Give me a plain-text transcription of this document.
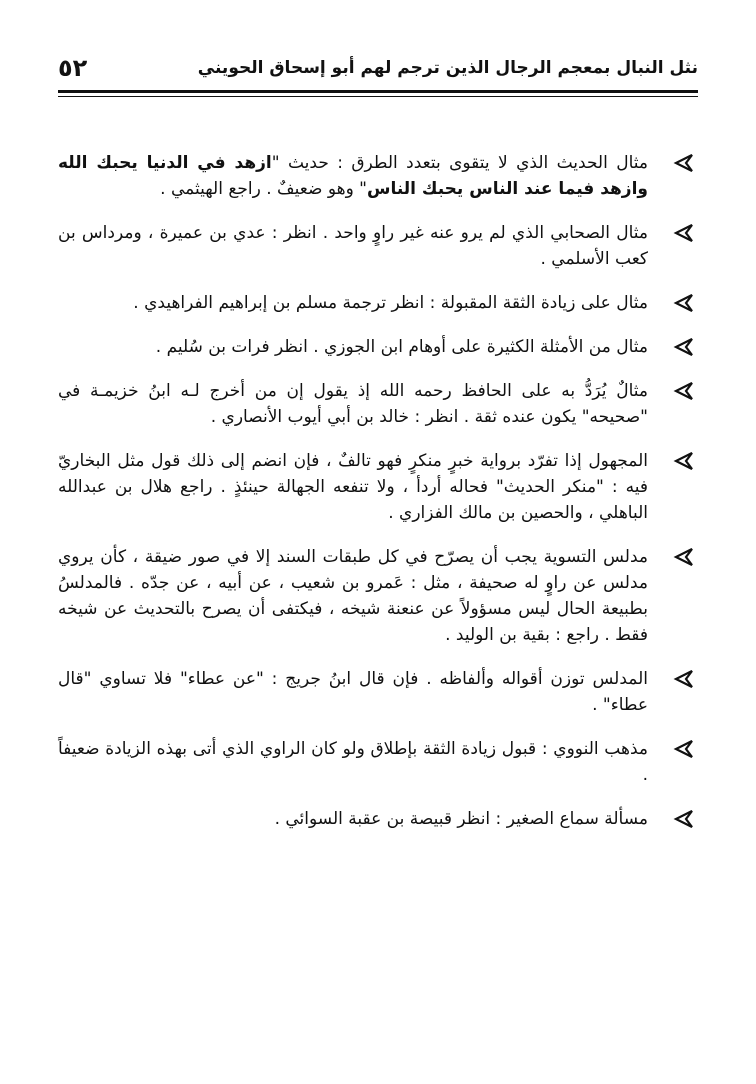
نثل النبال بمعجم الرجال الذين ترجم لهم أبو إسحاق الحويني
٥٢
مثال الحديث الذي لا يتقوى بتعدد الطرق : حديث "ازهد في الدنيا يحبك الله وازهد فيما عند الناس يحبك الناس" وهو ضعيفٌ . راجع الهيثمي .
مثال الصحابي الذي لم يرو عنه غير راوٍ واحد . انظر : عدي بن عميرة ، ومرداس بن كعب الأسلمي .
مثال على زيادة الثقة المقبولة : انظر ترجمة مسلم بن إبراهيم الفراهيدي .
مثال من الأمثلة الكثيرة على أوهام ابن الجوزي . انظر فرات بن سُليم .
مثالٌ يُرَدُّ به على الحافظ رحمه الله إذ يقول إن من أخرج لـه ابنُ خزيمـة في "صحيحه" يكون عنده ثقة . انظر : خالد بن أبي أيوب الأنصاري .
المجهول إذا تفرّد برواية خبرٍ منكرٍ فهو تالفٌ ، فإن انضم إلى ذلك قول مثل البخاريّ فيه : "منكر الحديث" فحاله أردأ ، ولا تنفعه الجهالة حينئذٍ . راجع هلال بن عبدالله الباهلي ، والحصين بن مالك الفزاري .
مدلس التسوية يجب أن يصرّح في كل طبقات السند إلا في صور ضيقة ، كأن يروي مدلس عن راوٍ له صحيفة ، مثل : عَمرو بن شعيب ، عن أبيه ، عن جدّه . فالمدلسُ بطبيعة الحال ليس مسؤولاً عن عنعنة شيخه ، فيكتفى أن يصرح بالتحديث عن شيخه فقط . راجع : بقية بن الوليد .
المدلس توزن أقواله وألفاظه . فإن قال ابنُ جريج : "عن عطاء" فلا تساوي "قال عطاء" .
مذهب النووي : قبول زيادة الثقة بإطلاق ولو كان الراوي الذي أتى بهذه الزيادة ضعيفاً .
مسألة سماع الصغير : انظر قبيصة بن عقبة السوائي .
